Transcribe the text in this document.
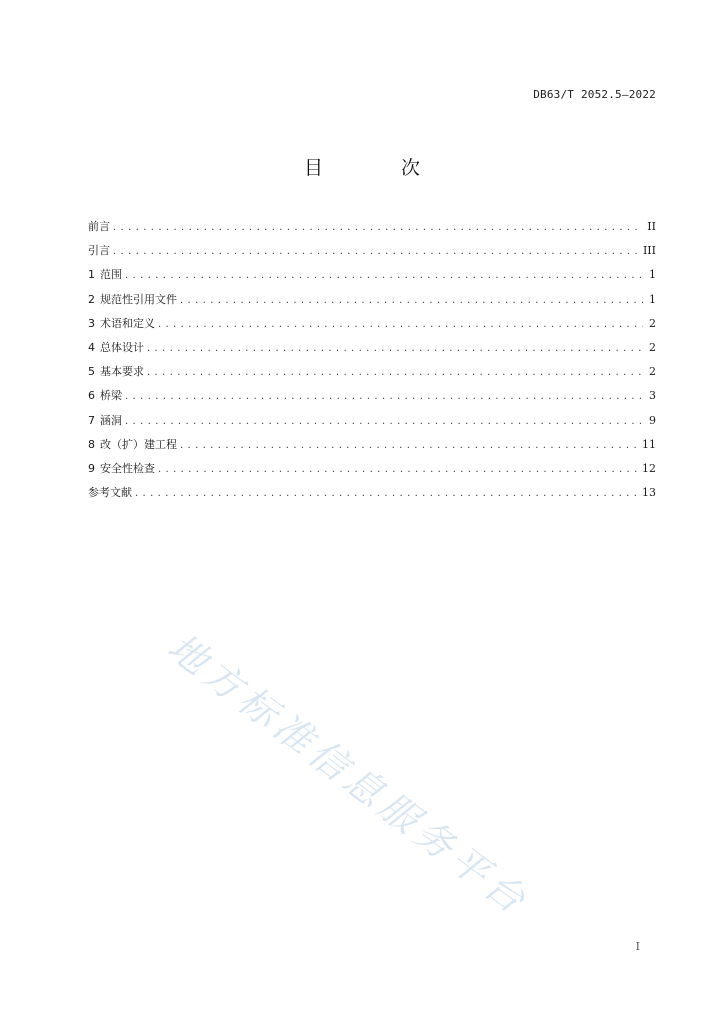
DB63/T 2052.5—2022
目 次
前言 . . .	II
引言 . . .	III
1 范围 . . .	1
2 规范性引用文件 . . .	1
3 术语和定义 . . .	2
4 总体设计 . . .	2
5 基本要求 . . .	2
6 桥梁 . . .	3
7 涵洞 . . .	9
8 改（扩）建工程 . . .	11
9 安全性检查 . . .	12
参考文献 . . .	13
地方标准信息服务平台
I
